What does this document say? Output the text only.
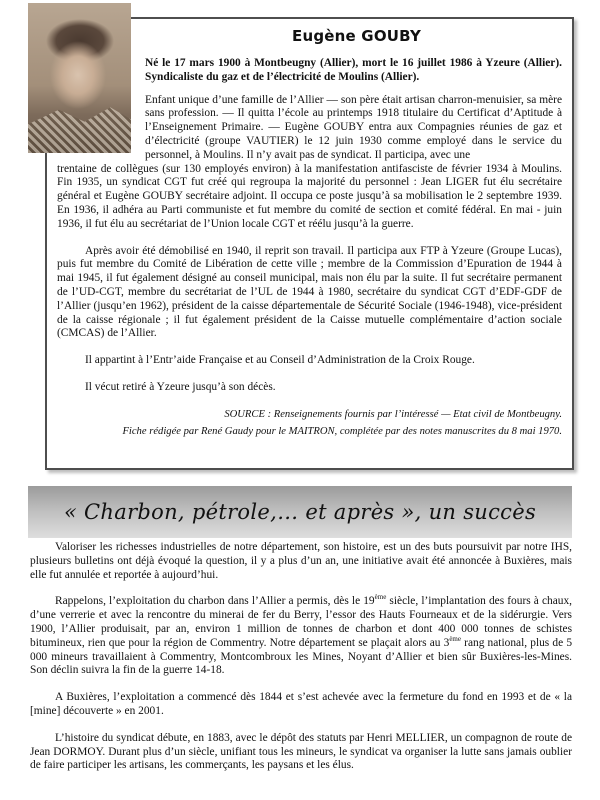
Eugène GOUBY

Né le 17 mars 1900 à Montbeugny (Allier), mort le 16 juillet 1986 à Yzeure (Allier). Syndicaliste du gaz et de l’électricité de Moulins (Allier).

Enfant unique d’une famille de l’Allier — son père était artisan charron-menuisier, sa mère sans profession. — Il quitta l’école au printemps 1918 titulaire du Certificat d’Aptitude à l’Enseignement Primaire. — Eugène GOUBY entra aux Compagnies réunies de gaz et d’électricité (groupe VAUTIER) le 12 juin 1930 comme employé dans le service du personnel, à Moulins. Il n’y avait pas de syndicat. Il participa, avec une

trentaine de collègues (sur 130 employés environ) à la manifestation antifasciste de février 1934 à Moulins. Fin 1935, un syndicat CGT fut créé qui regroupa la majorité du personnel : Jean LIGER fut élu secrétaire général et Eugène GOUBY secrétaire adjoint. Il occupa ce poste jusqu’à sa mobilisation le 2 septembre 1939. En 1936, il adhéra au Parti communiste et fut membre du comité de section et comité fédéral. En mai - juin 1936, il fut élu au secrétariat de l’Union locale CGT et réélu jusqu’à la guerre.

Après avoir été démobilisé en 1940, il reprit son travail. Il participa aux FTP à Yzeure (Groupe Lucas), puis fut membre du Comité de Libération de cette ville ; membre de la Commission d’Epuration de 1944 à mai 1945, il fut également désigné au conseil municipal, mais non élu par la suite. Il fut secrétaire permanent de l’UD-CGT, membre du secrétariat de l’UL de 1944 à 1980, secrétaire du syndicat CGT d’EDF-GDF de l’Allier (jusqu’en 1962), président de la caisse départementale de Sécurité Sociale (1946-1948), vice-président de la caisse régionale ; il fut également président de la Caisse mutuelle complémentaire d’action sociale (CMCAS) de l’Allier.

Il appartint à l’Entr’aide Française et au Conseil d’Administration de la Croix Rouge.

Il vécut retiré à Yzeure jusqu’à son décès.

SOURCE : Renseignements fournis par l’intéressé — Etat civil de Montbeugny.

Fiche rédigée par René Gaudy pour le MAITRON, complétée par des notes manuscrites du 8 mai 1970.

« Charbon, pétrole,… et après », un succès

Valoriser les richesses industrielles de notre département, son histoire, est un des buts poursuivit par notre IHS, plusieurs bulletins ont déjà évoqué la question, il y a plus d’un an, une initiative avait été annoncée à Buxières, mais elle fut annulée et reportée à aujourd’hui.

Rappelons, l’exploitation du charbon dans l’Allier a permis, dès le 19ème siècle, l’implantation des fours à chaux, d’une verrerie et avec la rencontre du minerai de fer du Berry, l’essor des Hauts Fourneaux et de la sidérurgie. Vers 1900, l’Allier produisait, par an, environ 1 million de tonnes de charbon et dont 400 000 tonnes de schistes bitumineux, rien que pour la région de Commentry. Notre département se plaçait alors au 3ème rang national, plus de 5 000 mineurs travaillaient à Commentry, Montcombroux les Mines, Noyant d’Allier et bien sûr Buxières-les-Mines. Son déclin suivra la fin de la guerre 14-18.

A Buxières, l’exploitation a commencé dès 1844 et s’est achevée avec la fermeture du fond en 1993 et de « la [mine] découverte » en 2001.

L’histoire du syndicat débute, en 1883, avec le dépôt des statuts par Henri MELLIER, un compagnon de route de Jean DORMOY. Durant plus d’un siècle, unifiant tous les mineurs, le syndicat va organiser la lutte sans jamais oublier de faire participer les artisans, les commerçants, les paysans et les élus.
